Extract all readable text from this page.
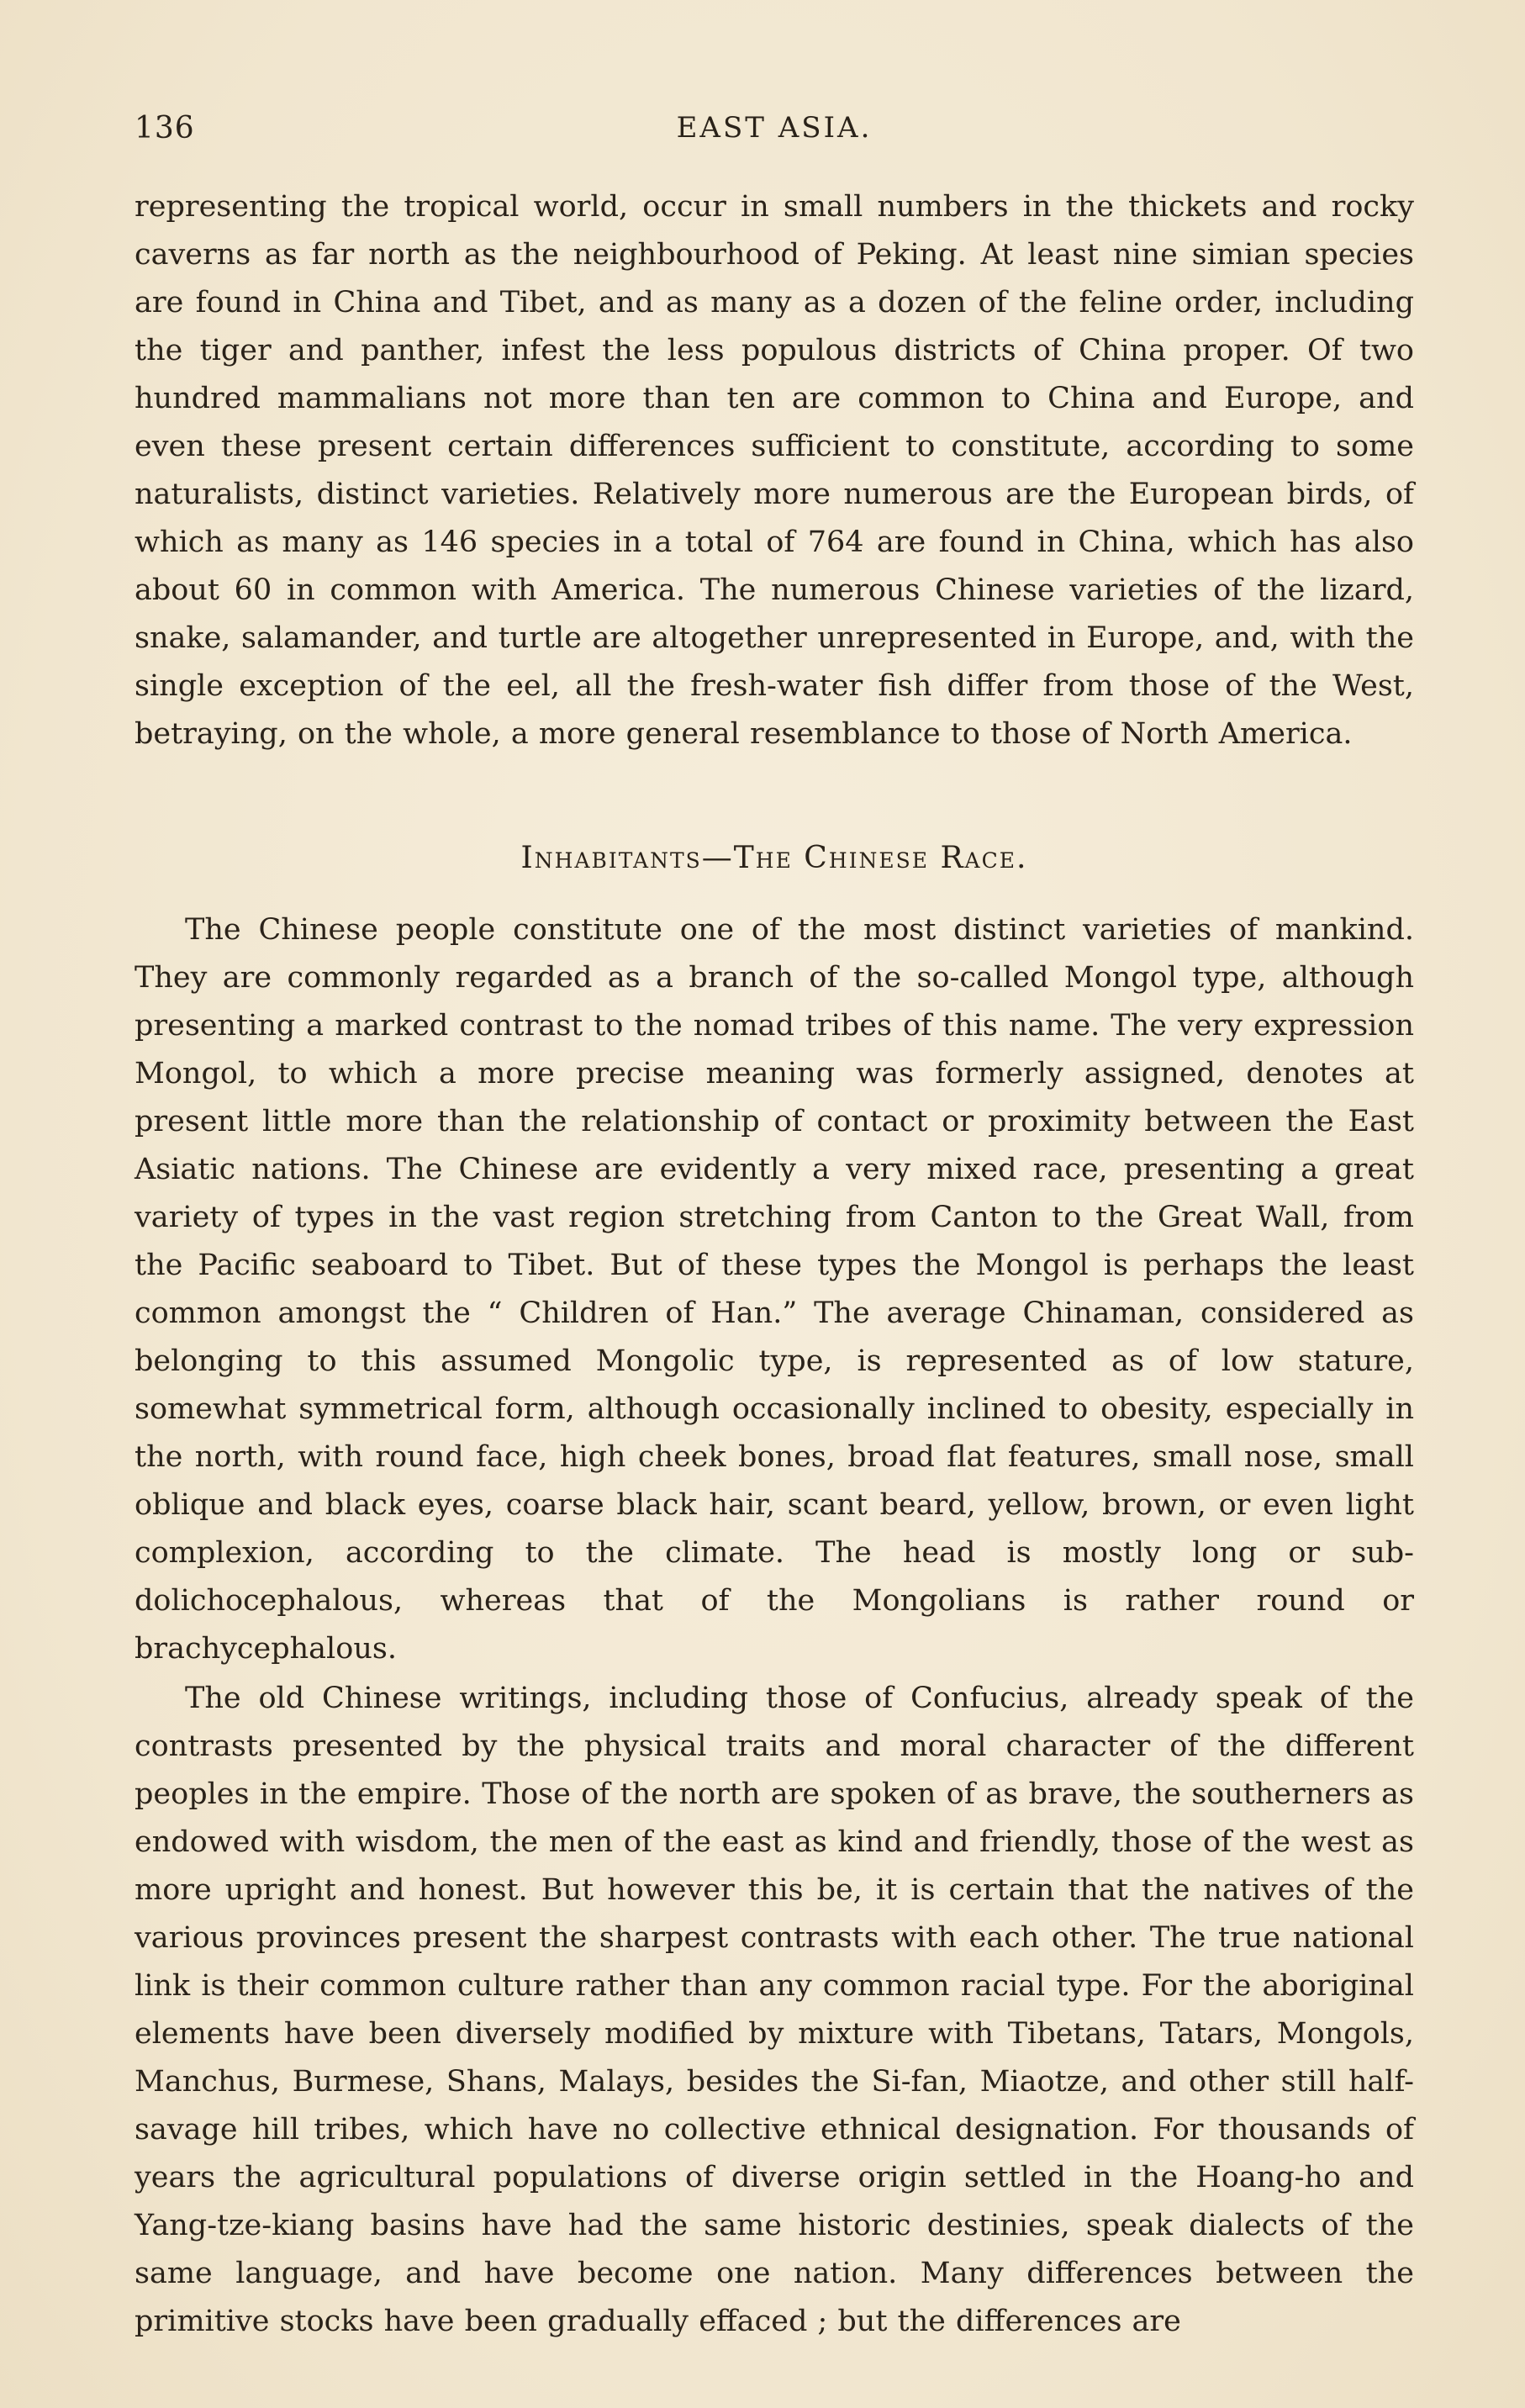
136	EAST ASIA.

representing the tropical world, occur in small numbers in the thickets and rocky caverns as far north as the neighbourhood of Peking. At least nine simian species are found in China and Tibet, and as many as a dozen of the feline order, including the tiger and panther, infest the less populous districts of China proper. Of two hundred mammalians not more than ten are common to China and Europe, and even these present certain differences sufficient to constitute, according to some naturalists, distinct varieties. Relatively more numerous are the European birds, of which as many as 146 species in a total of 764 are found in China, which has also about 60 in common with America. The numerous Chinese varieties of the lizard, snake, salamander, and turtle are altogether unrepresented in Europe, and, with the single exception of the eel, all the fresh-water fish differ from those of the West, betraying, on the whole, a more general resemblance to those of North America.

Inhabitants—The Chinese Race.

The Chinese people constitute one of the most distinct varieties of mankind. They are commonly regarded as a branch of the so-called Mongol type, although presenting a marked contrast to the nomad tribes of this name. The very expression Mongol, to which a more precise meaning was formerly assigned, denotes at present little more than the relationship of contact or proximity between the East Asiatic nations. The Chinese are evidently a very mixed race, presenting a great variety of types in the vast region stretching from Canton to the Great Wall, from the Pacific seaboard to Tibet. But of these types the Mongol is perhaps the least common amongst the “ Children of Han.” The average Chinaman, considered as belonging to this assumed Mongolic type, is represented as of low stature, somewhat symmetrical form, although occasionally inclined to obesity, especially in the north, with round face, high cheek bones, broad flat features, small nose, small oblique and black eyes, coarse black hair, scant beard, yellow, brown, or even light complexion, according to the climate. The head is mostly long or sub-dolichocephalous, whereas that of the Mongolians is rather round or brachycephalous.

The old Chinese writings, including those of Confucius, already speak of the contrasts presented by the physical traits and moral character of the different peoples in the empire. Those of the north are spoken of as brave, the southerners as endowed with wisdom, the men of the east as kind and friendly, those of the west as more upright and honest. But however this be, it is certain that the natives of the various provinces present the sharpest contrasts with each other. The true national link is their common culture rather than any common racial type. For the aboriginal elements have been diversely modified by mixture with Tibetans, Tatars, Mongols, Manchus, Burmese, Shans, Malays, besides the Si-fan, Miaotze, and other still half-savage hill tribes, which have no collective ethnical designation. For thousands of years the agricultural populations of diverse origin settled in the Hoang-ho and Yang-tze-kiang basins have had the same historic destinies, speak dialects of the same language, and have become one nation. Many differences between the primitive stocks have been gradually effaced ; but the differences are
